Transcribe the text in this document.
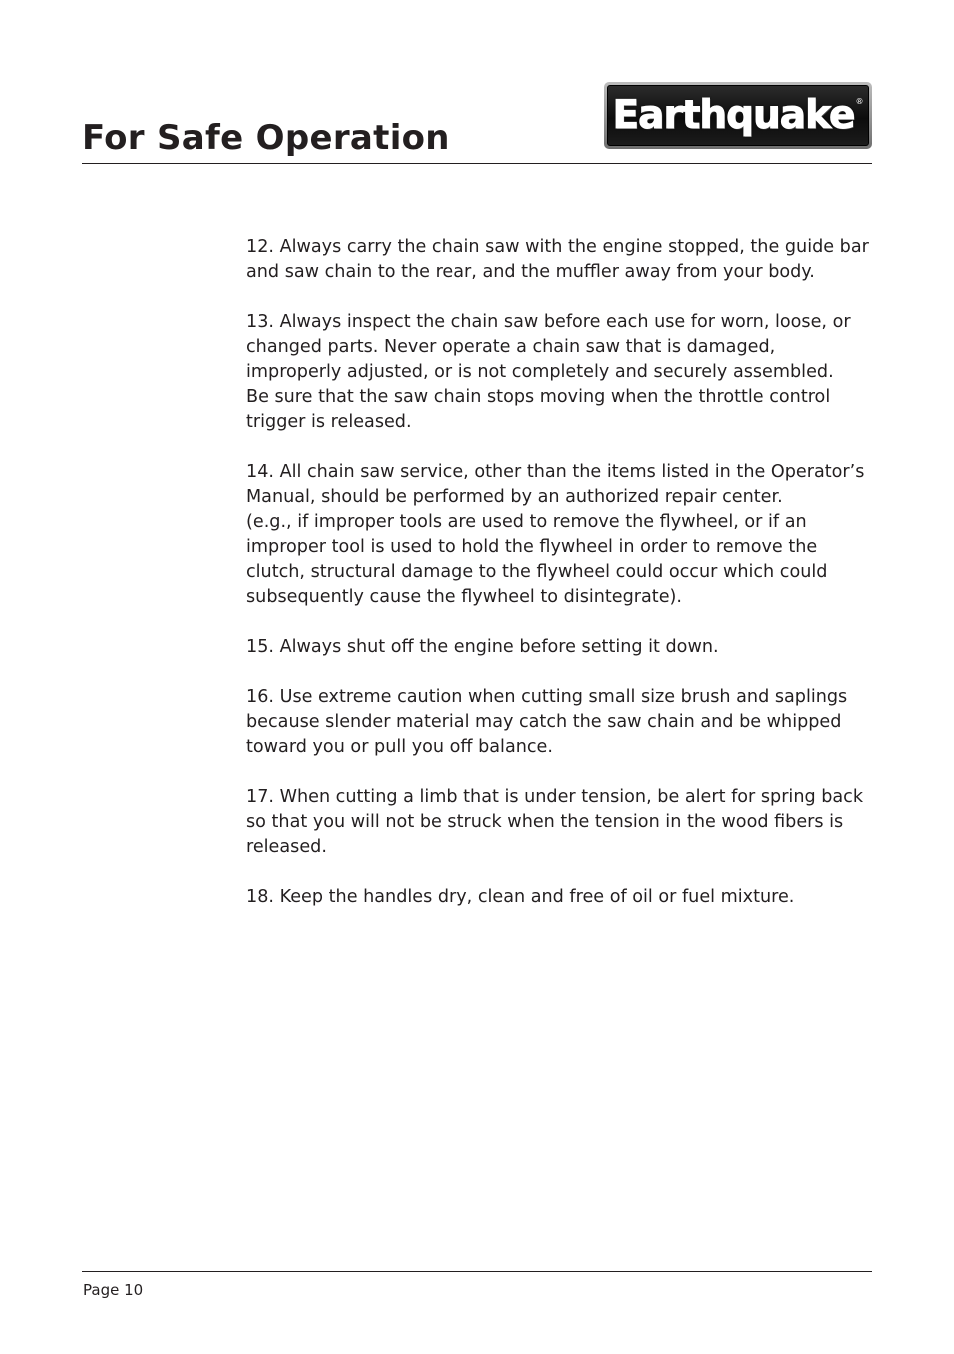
For Safe Operation	Earthquake ®

12. Always carry the chain saw with the engine stopped, the guide bar
and saw chain to the rear, and the muffler away from your body.

13. Always inspect the chain saw before each use for worn, loose, or
changed parts. Never operate a chain saw that is damaged,
improperly adjusted, or is not completely and securely assembled.
Be sure that the saw chain stops moving when the throttle control
trigger is released.

14. All chain saw service, other than the items listed in the Operator’s
Manual, should be performed by an authorized repair center.
(e.g., if improper tools are used to remove the flywheel, or if an
improper tool is used to hold the flywheel in order to remove the
clutch, structural damage to the flywheel could occur which could
subsequently cause the flywheel to disintegrate).

15. Always shut off the engine before setting it down.

16. Use extreme caution when cutting small size brush and saplings
because slender material may catch the saw chain and be whipped
toward you or pull you off balance.

17. When cutting a limb that is under tension, be alert for spring back
so that you will not be struck when the tension in the wood fibers is
released.

18. Keep the handles dry, clean and free of oil or fuel mixture.

Page 10
